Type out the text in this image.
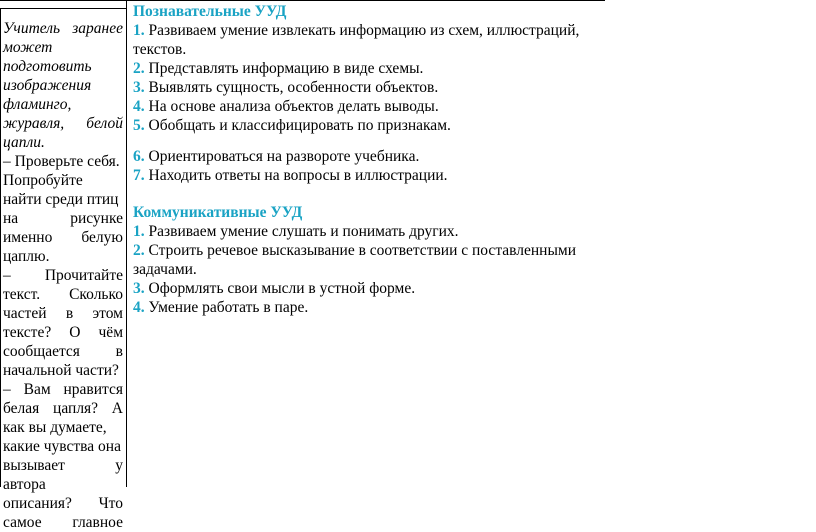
Учитель заранее

может

подготовить

изображения

фламинго,

журавля, белой

цапли.

– Проверьте себя.

Попробуйте

найти среди птиц

на рисунке

именно белую

цаплю.

– Прочитайте

текст. Сколько

частей в этом

тексте? О чём

сообщается в

начальной части?

– Вам нравится

белая цапля? А

как вы думаете,

какие чувства она

вызывает у автора

описания? Что

самое главное

Познавательные УУД

1. Развиваем умение извлекать информацию из схем, иллюстраций,

текстов.

2. Представлять информацию в виде схемы.

3. Выявлять сущность, особенности объектов.

4. На основе анализа объектов делать выводы.

5. Обобщать и классифицировать по признакам.

6. Ориентироваться на развороте учебника.

7. Находить ответы на вопросы в иллюстрации.

Коммуникативные УУД

1. Развиваем умение слушать и понимать других.

2. Строить речевое высказывание в соответствии с поставленными

задачами.

3. Оформлять свои мысли в устной форме.

4. Умение работать в паре.
